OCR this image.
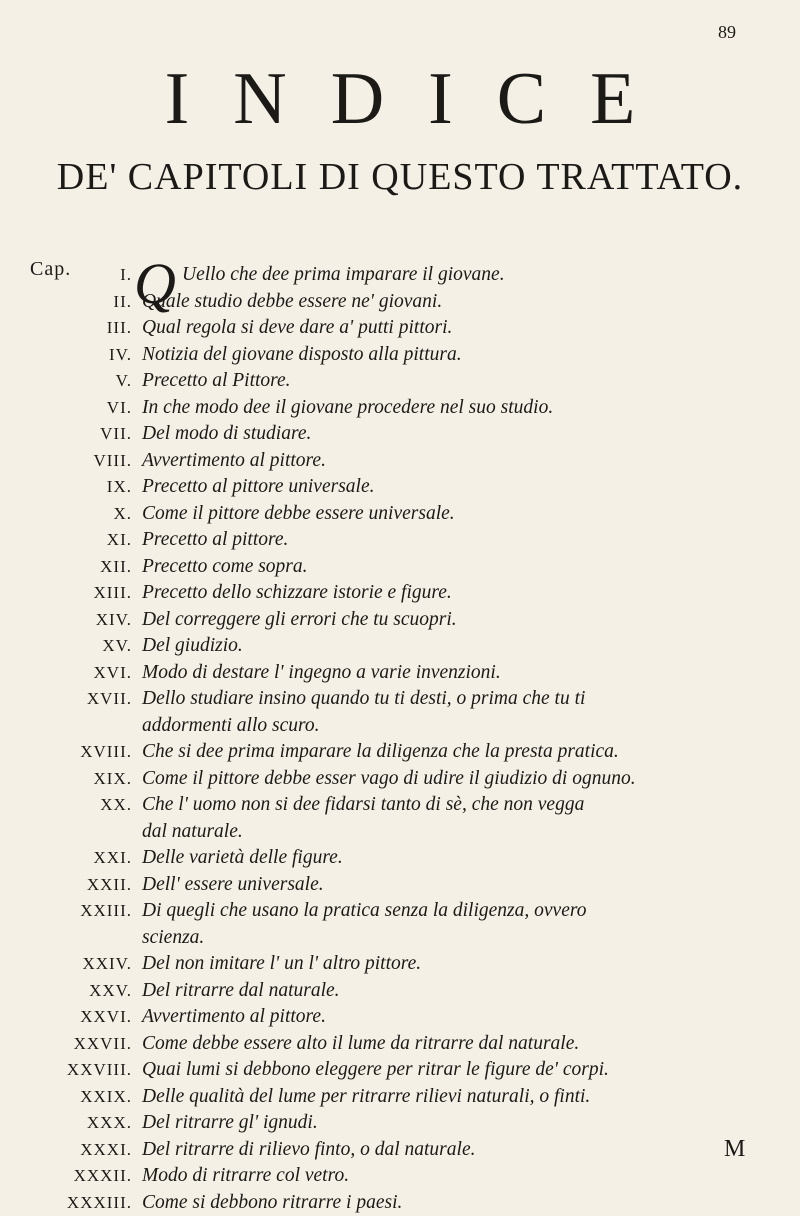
89
INDICE
DE' CAPITOLI DI QUESTO TRATTATO.
Cap. Q
I.	Uello che dee prima imparare il giovane.
II. Quale studio debbe essere ne' giovani.
III. Qual regola si deve dare a' putti pittori.
IV. Notizia del giovane disposto alla pittura.
V. Precetto al Pittore.
VI. In che modo dee il giovane procedere nel suo studio.
VII. Del modo di studiare.
VIII. Avvertimento al pittore.
IX. Precetto al pittore universale.
X. Come il pittore debbe essere universale.
XI. Precetto al pittore.
XII. Precetto come sopra.
XIII. Precetto dello schizzare istorie e figure.
XIV. Del correggere gli errori che tu scuopri.
XV. Del giudizio.
XVI. Modo di destare l' ingegno a varie invenzioni.
XVII. Dello studiare insino quando tu ti desti, o prima che tu ti
addormenti allo scuro.
XVIII. Che si dee prima imparare la diligenza che la presta pratica.
XIX. Come il pittore debbe esser vago di udire il giudizio di ognuno.
XX. Che l' uomo non si dee fidarsi tanto di sè, che non vegga
dal naturale.
XXI. Delle varietà delle figure.
XXII. Dell' essere universale.
XXIII. Di quegli che usano la pratica senza la diligenza, ovvero
scienza.
XXIV. Del non imitare l' un l' altro pittore.
XXV. Del ritrarre dal naturale.
XXVI. Avvertimento al pittore.
XXVII. Come debbe essere alto il lume da ritrarre dal naturale.
XXVIII. Quai lumi si debbono eleggere per ritrar le figure de' corpi.
XXIX. Delle qualità del lume per ritrarre rilievi naturali, o finti.
XXX. Del ritrarre gl' ignudi.
XXXI. Del ritrarre di rilievo finto, o dal naturale.
XXXII. Modo di ritrarre col vetro.
XXXIII. Come si debbono ritrarre i paesi.
M
